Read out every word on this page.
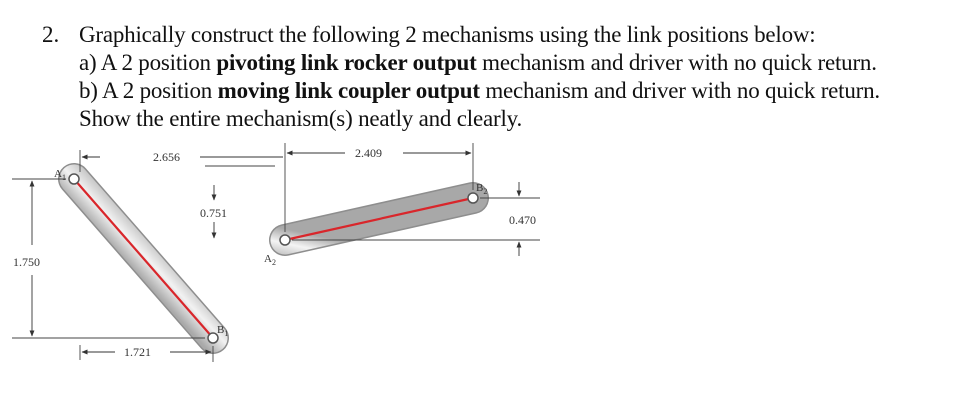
2. Graphically construct the following 2 mechanisms using the link positions below:
a) A 2 position pivoting link rocker output mechanism and driver with no quick return.
b) A 2 position moving link coupler output mechanism and driver with no quick return.
Show the entire mechanism(s) neatly and clearly.
$A_1$
$B_1$
$A_2$
$B_2$
2.656	2.409
0.751
1.750
0.470
1.721
